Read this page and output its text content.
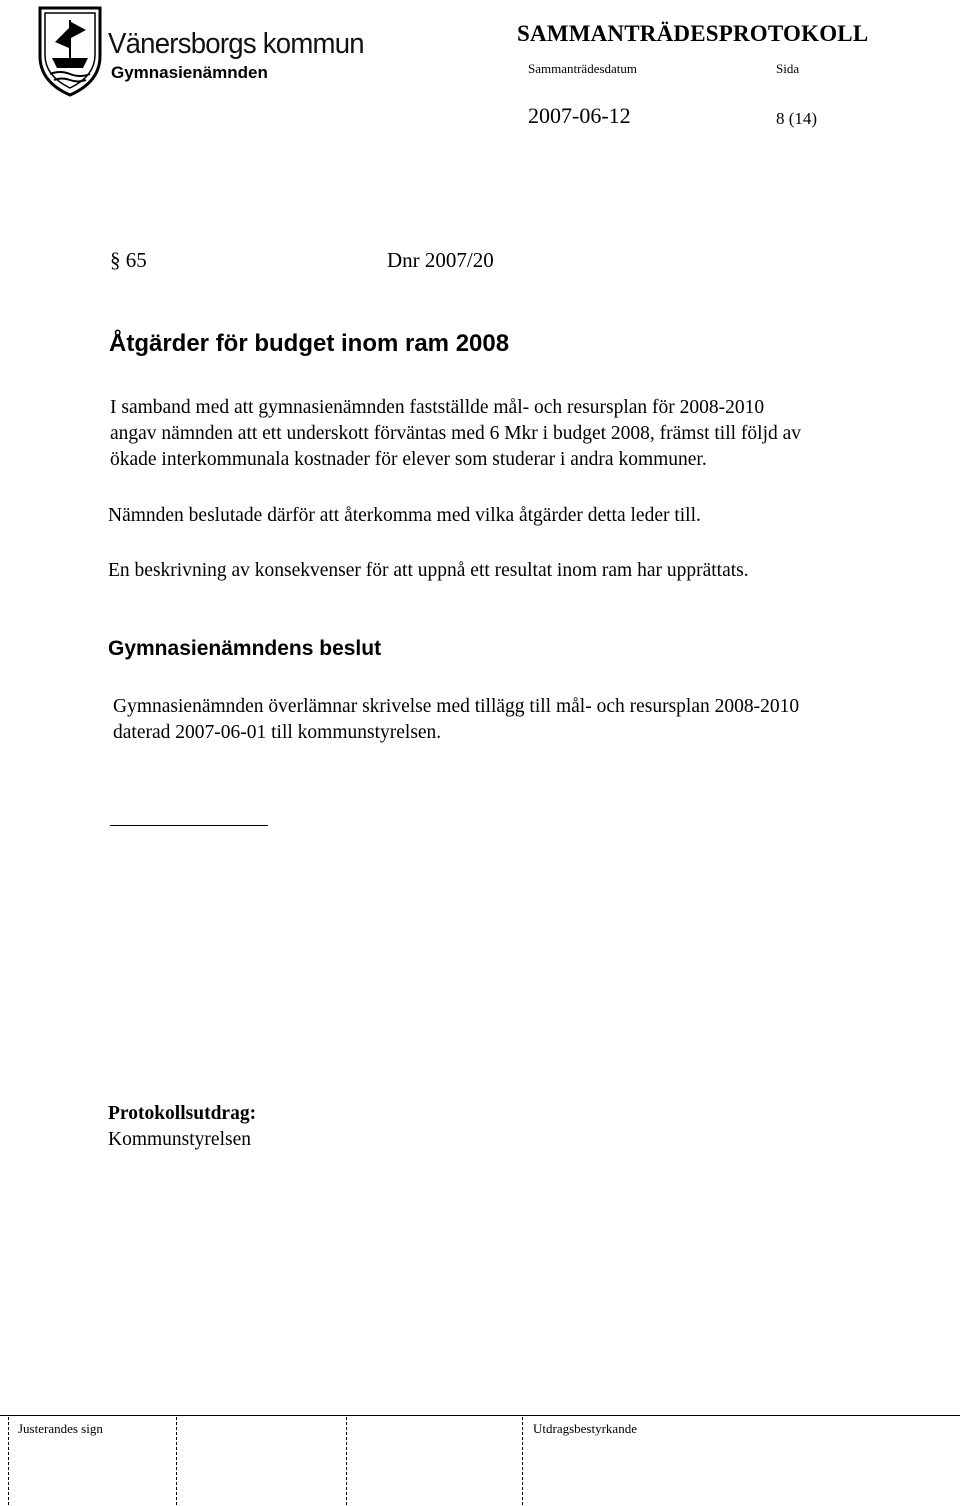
Vänersborgs kommun
Gymnasienämnden
SAMMANTRÄDESPROTOKOLL
Sammanträdesdatum	Sida
2007-06-12	8 (14)
§ 65	Dnr 2007/20
Åtgärder för budget inom ram 2008
I samband med att gymnasienämnden fastställde mål- och resursplan för 2008-2010
angav nämnden att ett underskott förväntas med 6 Mkr i budget 2008, främst till följd av
ökade interkommunala kostnader för elever som studerar i andra kommuner.
Nämnden beslutade därför att återkomma med vilka åtgärder detta leder till.
En beskrivning av konsekvenser för att uppnå ett resultat inom ram har upprättats.
Gymnasienämndens beslut
Gymnasienämnden överlämnar skrivelse med tillägg till mål- och resursplan 2008-2010
daterad 2007-06-01 till kommunstyrelsen.
Protokollsutdrag:
Kommunstyrelsen
Justerandes sign	Utdragsbestyrkande
